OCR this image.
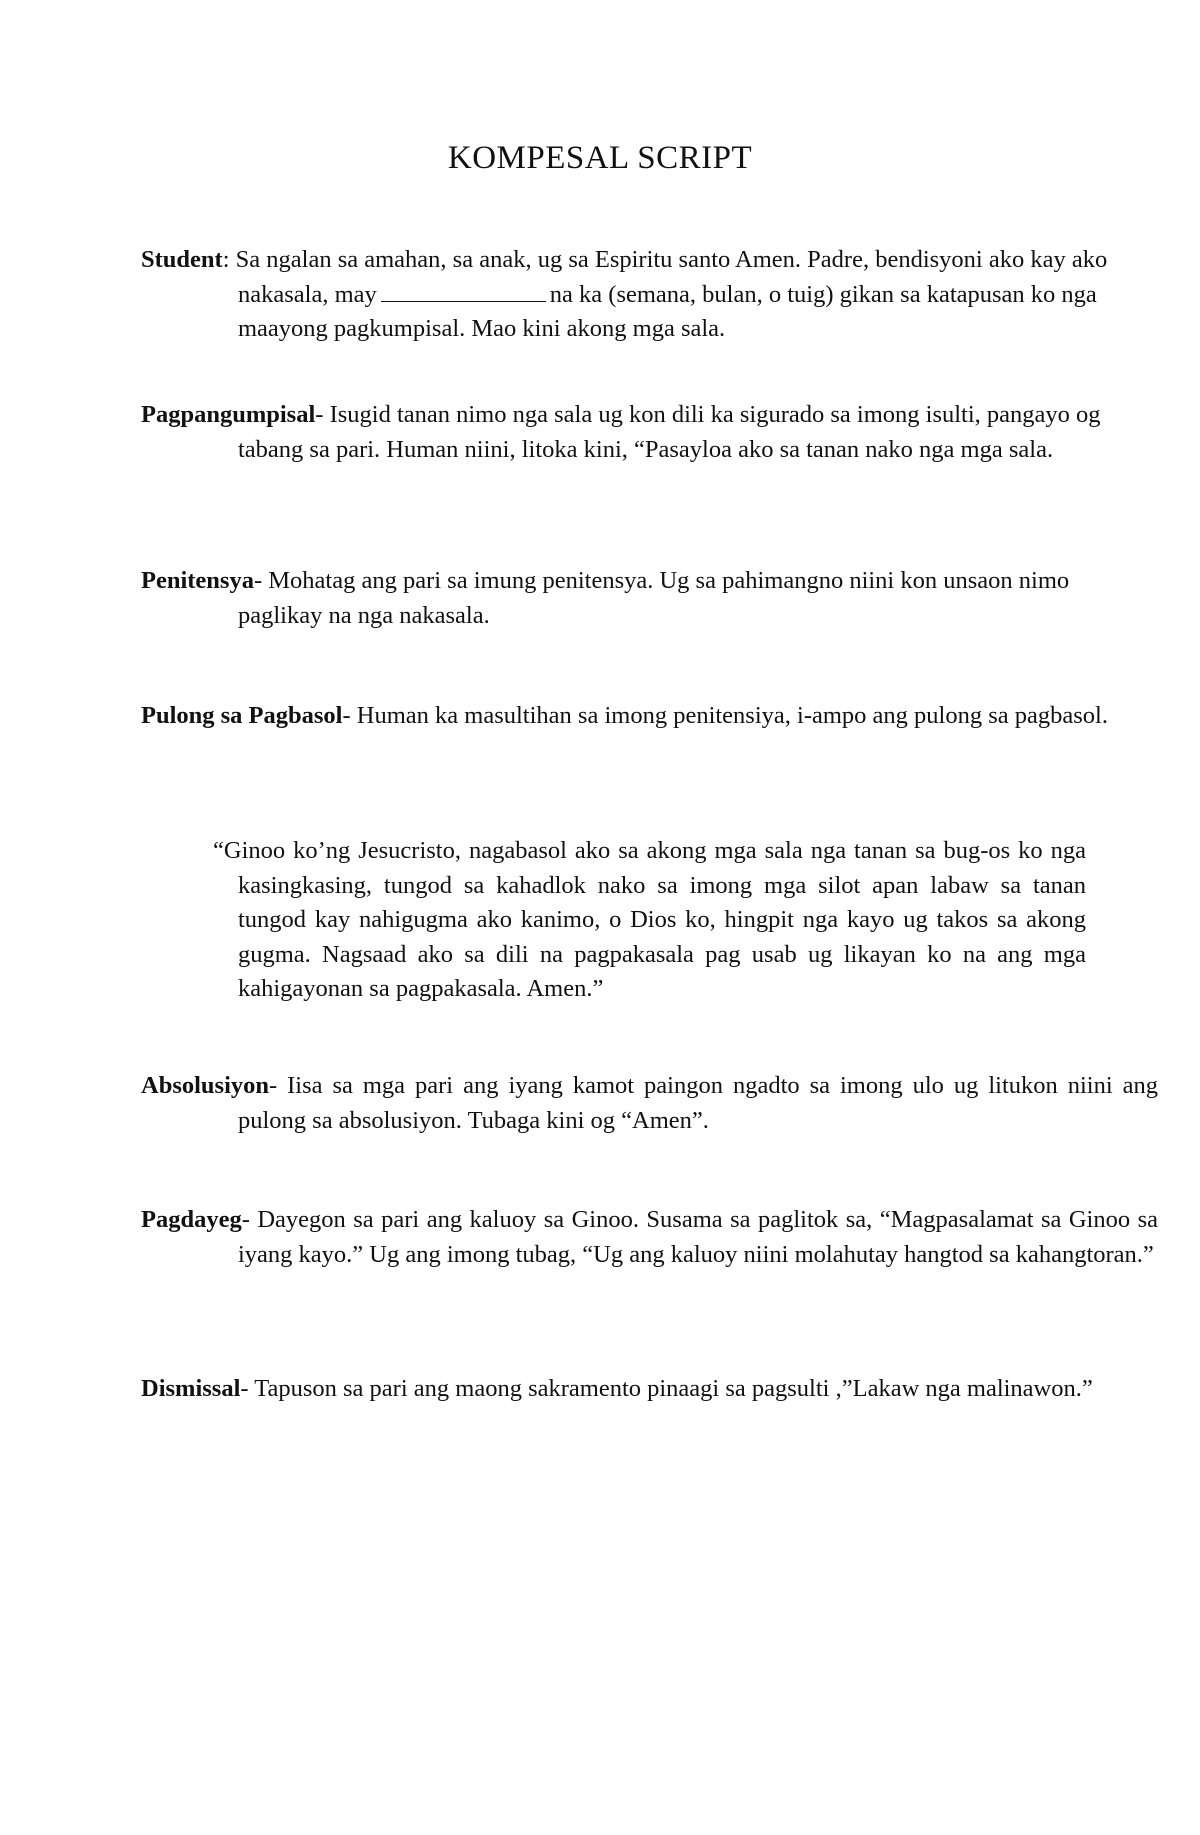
KOMPESAL SCRIPT
Student: Sa ngalan sa amahan, sa anak, ug sa Espiritu santo Amen. Padre, bendisyoni ako kay ako nakasala, may	na ka (semana, bulan, o tuig) gikan sa katapusan ko nga maayong pagkumpisal. Mao kini akong mga sala.
Pagpangumpisal- Isugid tanan nimo nga sala ug kon dili ka sigurado sa imong isulti, pangayo og tabang sa pari. Human niini, litoka kini, “Pasayloa ako sa tanan nako nga mga sala.
Penitensya- Mohatag ang pari sa imung penitensya. Ug sa pahimangno niini kon unsaon nimo paglikay na nga nakasala.
Pulong sa Pagbasol- Human ka masultihan sa imong penitensiya, i-ampo ang pulong sa pagbasol.
“Ginoo ko’ng Jesucristo, nagabasol ako sa akong mga sala nga tanan sa bug-os ko nga kasingkasing, tungod sa kahadlok nako sa imong mga silot apan labaw sa tanan tungod kay nahigugma ako kanimo, o Dios ko, hingpit nga kayo ug takos sa akong gugma. Nagsaad ako sa dili na pagpakasala pag usab ug likayan ko na ang mga kahigayonan sa pagpakasala. Amen.”
Absolusiyon- Iisa sa mga pari ang iyang kamot paingon ngadto sa imong ulo ug litukon niini ang pulong sa absolusiyon. Tubaga kini og “Amen”.
Pagdayeg- Dayegon sa pari ang kaluoy sa Ginoo. Susama sa paglitok sa, “Magpasalamat sa Ginoo sa iyang kayo.” Ug ang imong tubag, “Ug ang kaluoy niini molahutay hangtod sa kahangtoran.”
Dismissal- Tapuson sa pari ang maong sakramento pinaagi sa pagsulti ,”Lakaw nga malinawon.”
